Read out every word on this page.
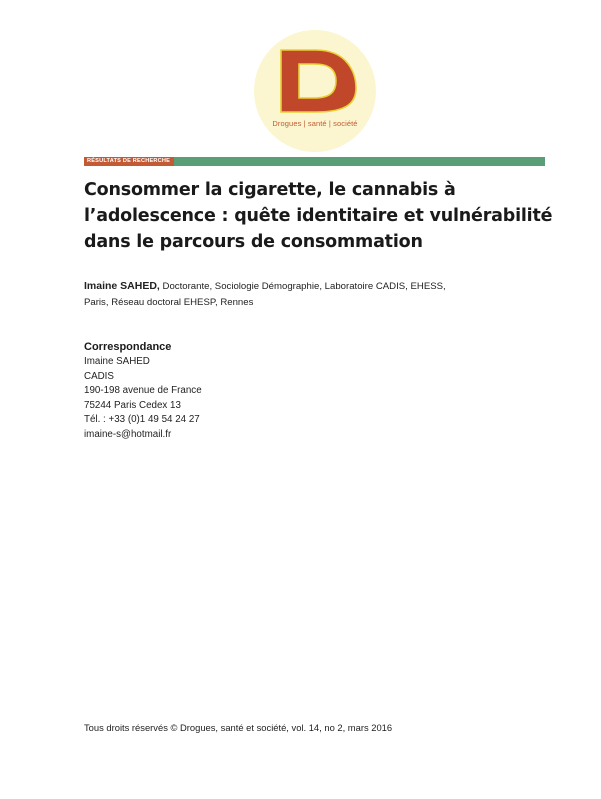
Drogues | santé | société
RÉSULTATS DE RECHERCHE
Consommer la cigarette, le cannabis à
l’adolescence : quête identitaire et vulnérabilité
dans le parcours de consommation
Imaine SAHED, Doctorante, Sociologie Démographie, Laboratoire CADIS, EHESS,
Paris, Réseau doctoral EHESP, Rennes
Correspondance
Imaine SAHED
CADIS
190-198 avenue de France
75244 Paris Cedex 13
Tél. : +33 (0)1 49 54 24 27
imaine-s@hotmail.fr
Tous droits réservés © Drogues, santé et société, vol. 14, no 2, mars 2016
